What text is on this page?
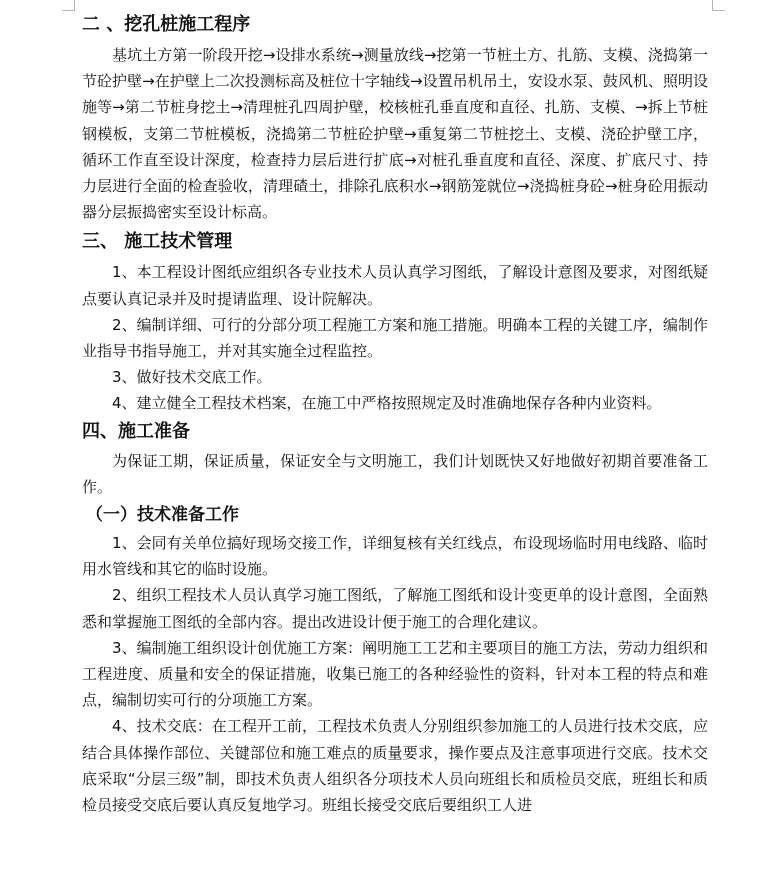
二 、挖孔桩施工程序

基坑土方第一阶段开挖→设排水系统→测量放线→挖第一节桩土方、扎筋、支模、浇捣第一节砼护壁→在护壁上二次投测标高及桩位十字轴线→设置吊机吊土，安设水泵、鼓风机、照明设施等→第二节桩身挖土→清理桩孔四周护壁，校核桩孔垂直度和直径、扎筋、支模、→拆上节桩钢模板，支第二节桩模板，浇捣第二节桩砼护壁→重复第二节桩挖土、支模、浇砼护壁工序，循环工作直至设计深度，检查持力层后进行扩底→对桩孔垂直度和直径、深度、扩底尺寸、持力层进行全面的检查验收，清理碴土，排除孔底积水→钢筋笼就位→浇捣桩身砼→桩身砼用振动器分层振捣密实至设计标高。

三、 施工技术管理

1、本工程设计图纸应组织各专业技术人员认真学习图纸，了解设计意图及要求，对图纸疑点要认真记录并及时提请监理、设计院解决。

2、编制详细、可行的分部分项工程施工方案和施工措施。明确本工程的关键工序，编制作业指导书指导施工，并对其实施全过程监控。

3、做好技术交底工作。

4、建立健全工程技术档案，在施工中严格按照规定及时准确地保存各种内业资料。

四、施工准备

为保证工期，保证质量，保证安全与文明施工，我们计划既快又好地做好初期首要准备工作。

（一）技术准备工作

1、会同有关单位搞好现场交接工作，详细复核有关红线点，布设现场临时用电线路、临时用水管线和其它的临时设施。

2、组织工程技术人员认真学习施工图纸，了解施工图纸和设计变更单的设计意图，全面熟悉和掌握施工图纸的全部内容。提出改进设计便于施工的合理化建议。

3、编制施工组织设计创优施工方案：阐明施工工艺和主要项目的施工方法，劳动力组织和工程进度、质量和安全的保证措施，收集已施工的各种经验性的资料，针对本工程的特点和难点，编制切实可行的分项施工方案。

4、技术交底：在工程开工前，工程技术负责人分别组织参加施工的人员进行技术交底，应结合具体操作部位、关键部位和施工难点的质量要求，操作要点及注意事项进行交底。技术交底采取“分层三级”制，即技术负责人组织各分项技术人员向班组长和质检员交底，班组长和质检员接受交底后要认真反复地学习。班组长接受交底后要组织工人进
